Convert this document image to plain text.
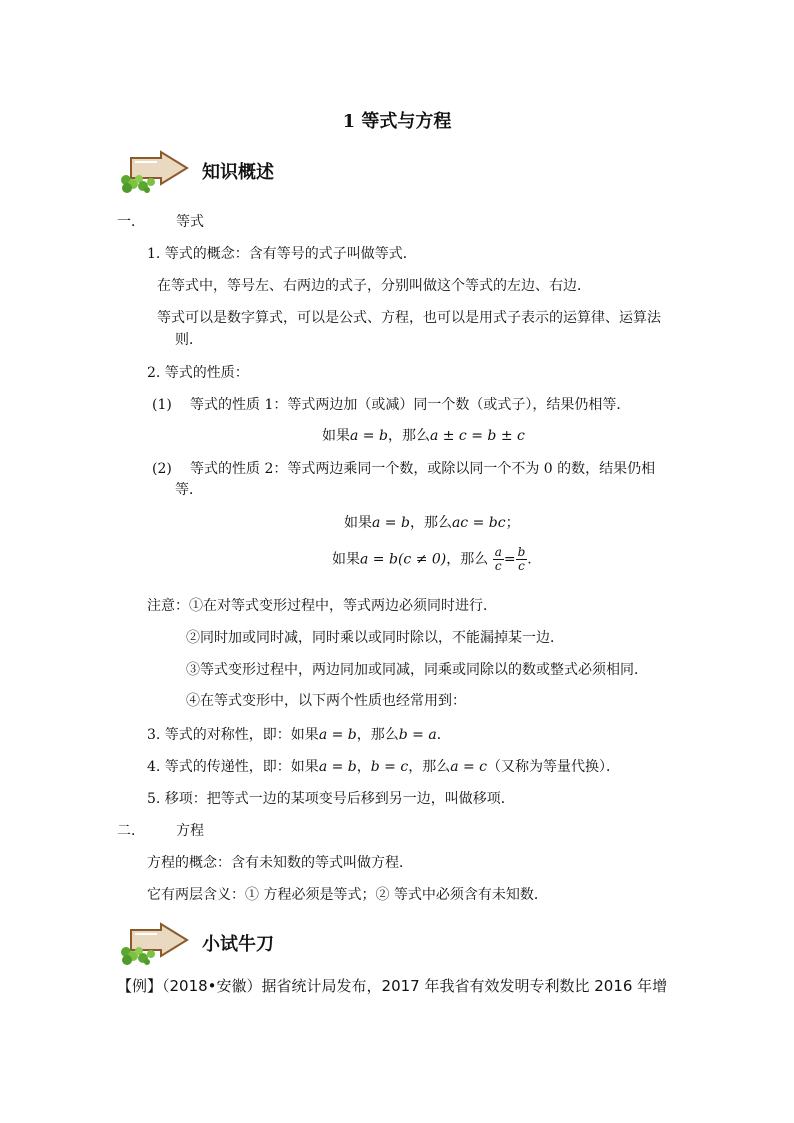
1 等式与方程
知识概述
一． 等式
1. 等式的概念：含有等号的式子叫做等式．
在等式中，等号左、右两边的式子，分别叫做这个等式的左边、右边．
等式可以是数字算式，可以是公式、方程，也可以是用式子表示的运算律、运算法
则．
2. 等式的性质：
(1) 等式的性质 1：等式两边加（或减）同一个数（或式子），结果仍相等．
如果a = b，那么a ± c = b ± c
(2) 等式的性质 2：等式两边乘同一个数，或除以同一个不为 0 的数，结果仍相
等．
如果a = b，那么ac = bc；
如果a = b(c ≠ 0)，那么 $\frac{a}{c} = \frac{b}{c}$ .
注意： ①在对等式变形过程中，等式两边必须同时进行．
②同时加或同时减，同时乘以或同时除以，不能漏掉某一边．
③等式变形过程中，两边同加或同减，同乘或同除以的数或整式必须相同．
④在等式变形中，以下两个性质也经常用到：
3. 等式的对称性，即：如果a = b，那么b = a．
4. 等式的传递性，即：如果a = b，b = c，那么a = c（又称为等量代换）．
5. 移项：把等式一边的某项变号后移到另一边，叫做移项．
二． 方程
方程的概念：含有未知数的等式叫做方程．
它有两层含义：① 方程必须是等式；② 等式中必须含有未知数．
小试牛刀
【例】（2018•安徽）据省统计局发布，2017 年我省有效发明专利数比 2016 年增
